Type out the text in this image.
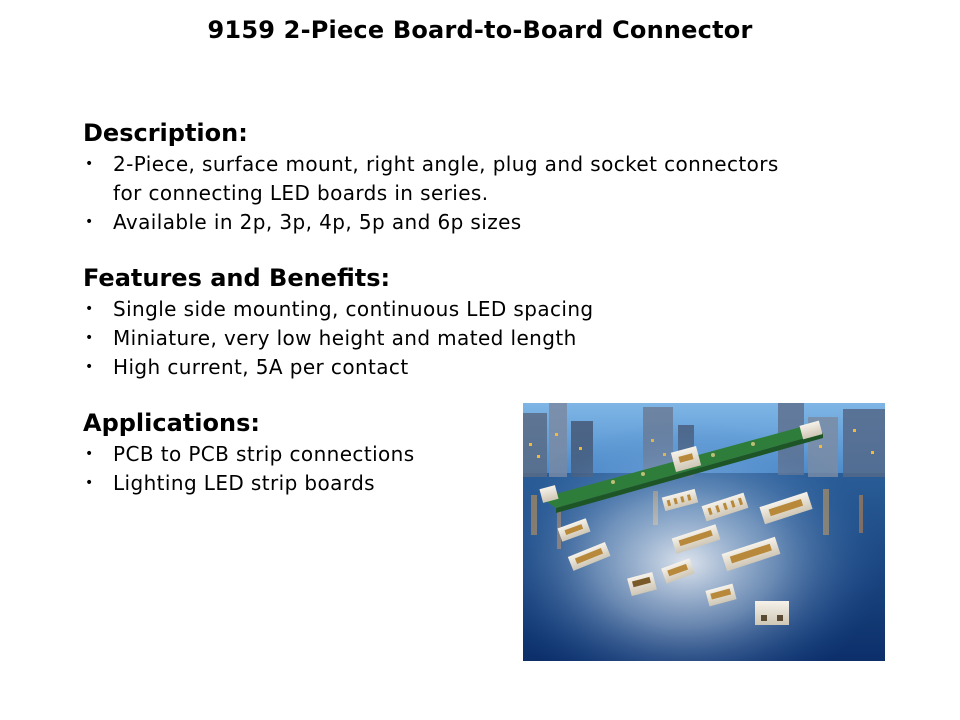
9159 2-Piece Board-to-Board Connector
Description:
• 2-Piece, surface mount, right angle, plug and socket connectors for connecting LED boards in series.
• Available in 2p, 3p, 4p, 5p and 6p sizes
Features and Benefits:
• Single side mounting, continuous LED spacing
• Miniature, very low height and mated length
• High current, 5A per contact
Applications:
• PCB to PCB strip connections
• Lighting LED strip boards
